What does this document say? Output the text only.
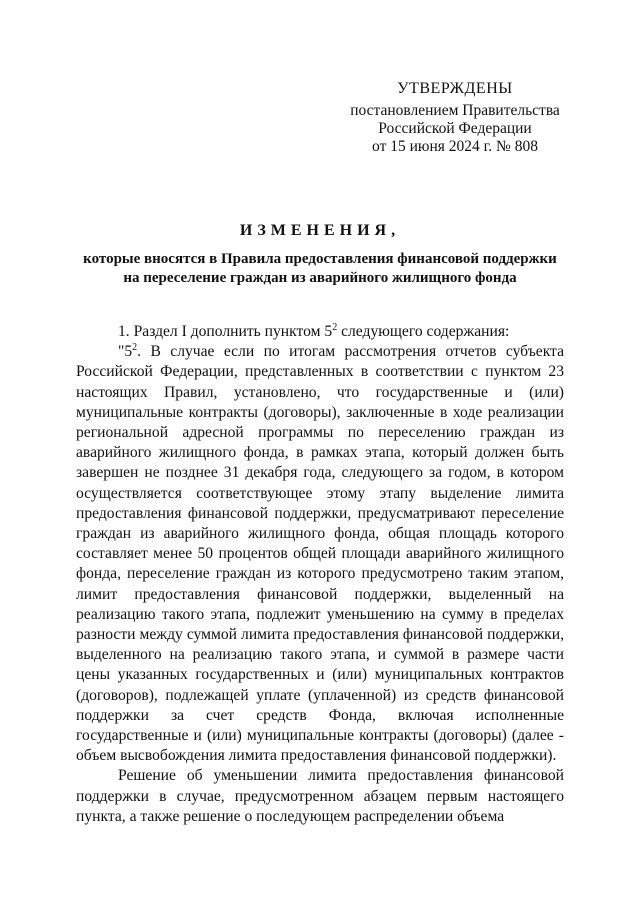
УТВЕРЖДЕНЫ
постановлением Правительства
Российской Федерации
от 15 июня 2024 г. № 808
ИЗМЕНЕНИЯ,
которые вносятся в Правила предоставления финансовой поддержки
на переселение граждан из аварийного жилищного фонда

1. Раздел I дополнить пунктом $5^2$ следующего содержания:

"$5^2$. В случае если по итогам рассмотрения отчетов субъекта Российской Федерации, представленных в соответствии с пунктом 23 настоящих Правил, установлено, что государственные и (или) муниципальные контракты (договоры), заключенные в ходе реализации региональной адресной программы по переселению граждан из аварийного жилищного фонда, в рамках этапа, который должен быть завершен не позднее 31 декабря года, следующего за годом, в котором осуществляется соответствующее этому этапу выделение лимита предоставления финансовой поддержки, предусматривают переселение граждан из аварийного жилищного фонда, общая площадь которого составляет менее 50 процентов общей площади аварийного жилищного фонда, переселение граждан из которого предусмотрено таким этапом, лимит предоставления финансовой поддержки, выделенный на реализацию такого этапа, подлежит уменьшению на сумму в пределах разности между суммой лимита предоставления финансовой поддержки, выделенного на реализацию такого этапа, и суммой в размере части цены указанных государственных и (или) муниципальных контрактов (договоров), подлежащей уплате (уплаченной) из средств финансовой поддержки за счет средств Фонда, включая исполненные государственные и (или) муниципальные контракты (договоры) (далее - объем высвобождения лимита предоставления финансовой поддержки).

Решение об уменьшении лимита предоставления финансовой поддержки в случае, предусмотренном абзацем первым настоящего пункта, а также решение о последующем распределении объема
